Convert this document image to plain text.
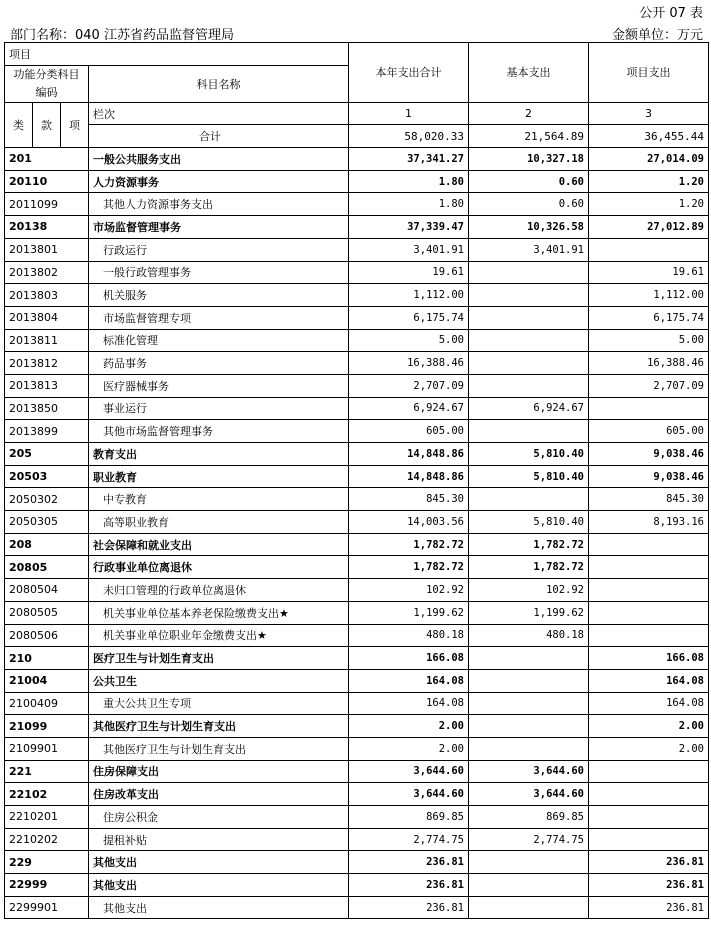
公开 07 表
部门名称：040 江苏省药品监督管理局	金额单位：万元
项目				本年支出合计	基本支出	项目支出
功能分类科目编码			科目名称			

类	款	项	栏次	1	2	3
			合计	58,020.33	21,564.89	36,455.44
201			一般公共服务支出	37,341.27	10,327.18	27,014.09
20110			人力资源事务	1.80	0.60	1.20
2011099			其他人力资源事务支出	1.80	0.60	1.20
20138			市场监督管理事务	37,339.47	10,326.58	27,012.89
2013801			行政运行	3,401.91	3,401.91	
2013802			一般行政管理事务	19.61		19.61
2013803			机关服务	1,112.00		1,112.00
2013804			市场监督管理专项	6,175.74		6,175.74
2013811			标准化管理	5.00		5.00
2013812			药品事务	16,388.46		16,388.46
2013813			医疗器械事务	2,707.09		2,707.09
2013850			事业运行	6,924.67	6,924.67	
2013899			其他市场监督管理事务	605.00		605.00
205			教育支出	14,848.86	5,810.40	9,038.46
20503			职业教育	14,848.86	5,810.40	9,038.46
2050302			中专教育	845.30		845.30
2050305			高等职业教育	14,003.56	5,810.40	8,193.16
208			社会保障和就业支出	1,782.72	1,782.72	
20805			行政事业单位离退休	1,782.72	1,782.72	
2080504			未归口管理的行政单位离退休	102.92	102.92	
2080505			机关事业单位基本养老保险缴费支出★	1,199.62	1,199.62	
2080506			机关事业单位职业年金缴费支出★	480.18	480.18	
210			医疗卫生与计划生育支出	166.08		166.08
21004			公共卫生	164.08		164.08
2100409			重大公共卫生专项	164.08		164.08
21099			其他医疗卫生与计划生育支出	2.00		2.00
2109901			其他医疗卫生与计划生育支出	2.00		2.00
221			住房保障支出	3,644.60	3,644.60	
22102			住房改革支出	3,644.60	3,644.60	
2210201			住房公积金	869.85	869.85	
2210202			提租补贴	2,774.75	2,774.75	
229			其他支出	236.81		236.81
22999			其他支出	236.81		236.81
2299901			其他支出	236.81		236.81
